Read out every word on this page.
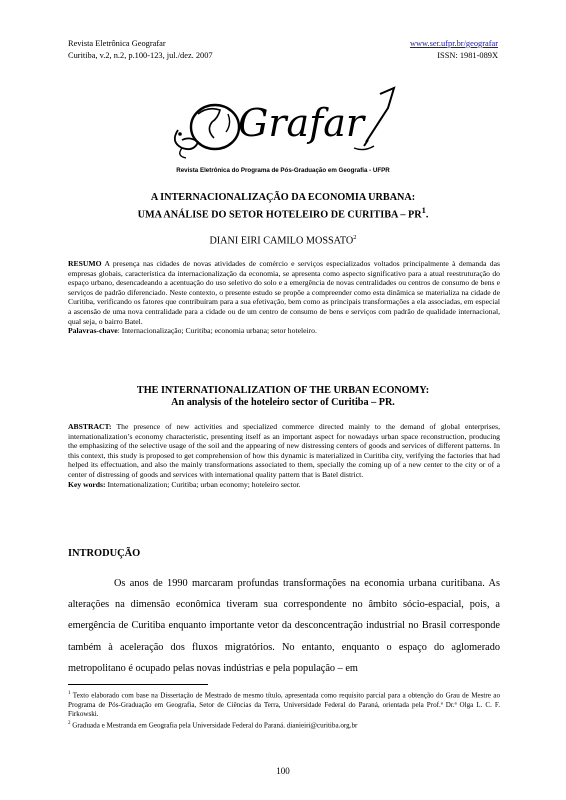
Revista Eletrônica Geografar
Curitiba, v.2, n.2, p.100-123, jul./dez. 2007
www.ser.ufpr.br/geografar
ISSN: 1981-089X
Grafar
Revista Eletrônica do Programa de Pós-Graduação em Geografia - UFPR
A INTERNACIONALIZAÇÃO DA ECONOMIA URBANA:
UMA ANÁLISE DO SETOR HOTELEIRO DE CURITIBA – $PR^1$.
DIANI EIRI CAMILO MOSSATO$^2$
RESUMO A presença nas cidades de novas atividades de comércio e serviços especializados voltados principalmente à demanda das empresas globais, característica da internacionalização da economia, se apresenta como aspecto significativo para a atual reestruturação do espaço urbano, desencadeando a acentuação do uso seletivo do solo e a emergência de novas centralidades ou centros de consumo de bens e serviços de padrão diferenciado. Neste contexto, o presente estudo se propõe a compreender como esta dinâmica se materializa na cidade de Curitiba, verificando os fatores que contribuíram para a sua efetivação, bem como as principais transformações a ela associadas, em especial a ascensão de uma nova centralidade para a cidade ou de um centro de consumo de bens e serviços com padrão de qualidade internacional, qual seja, o bairro Batel.
Palavras-chave: Internacionalização; Curitiba; economia urbana; setor hoteleiro.
THE INTERNATIONALIZATION OF THE URBAN ECONOMY:
An analysis of the hoteleiro sector of Curitiba – PR.
ABSTRACT: The presence of new activities and specialized commerce directed mainly to the demand of global enterprises, internationalization’s economy characteristic, presenting itself as an important aspect for nowadays urban space reconstruction, producing the emphasizing of the selective usage of the soil and the appearing of new distressing centers of goods and services of different patterns. In this context, this study is proposed to get comprehension of how this dynamic is materialized in Curitiba city, verifying the factories that had helped its effectuation, and also the mainly transformations associated to them, specially the coming up of a new center to the city or of a center of distressing of goods and services with international quality pattern that is Batel district.
Key words: Internationalization; Curitiba; urban economy; hoteleiro sector.
INTRODUÇÃO
Os anos de 1990 marcaram profundas transformações na economia urbana curitibana. As alterações na dimensão econômica tiveram sua correspondente no âmbito sócio-espacial, pois, a emergência de Curitiba enquanto importante vetor da desconcentração industrial no Brasil corresponde também à aceleração dos fluxos migratórios. No entanto, enquanto o espaço do aglomerado metropolitano é ocupado pelas novas indústrias e pela população – em
$^1$ Texto elaborado com base na Dissertação de Mestrado de mesmo título, apresentada como requisito parcial para a obtenção do Grau de Mestre ao Programa de Pós-Graduação em Geografia, Setor de Ciências da Terra, Universidade Federal do Paraná, orientada pela Prof.ª Dr.ª Olga L. C. F. Firkowski.
$^2$ Graduada e Mestranda em Geografia pela Universidade Federal do Paraná. dianieiri@curitiba.org.br
100
